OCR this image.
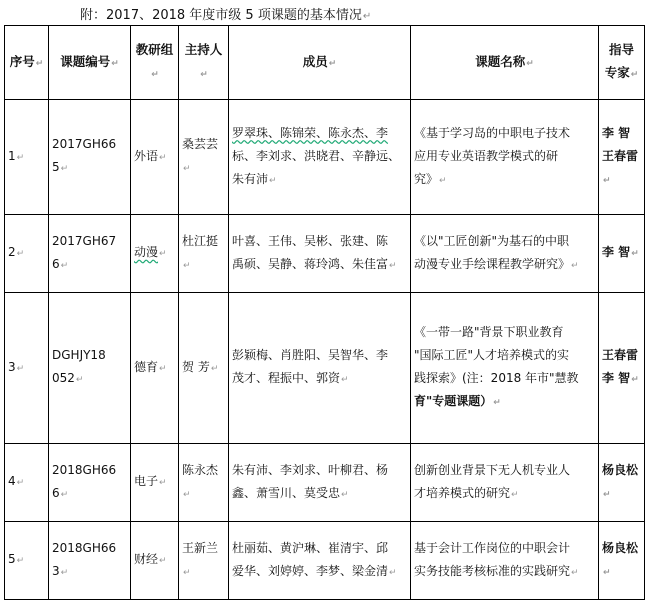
附：2017、2018 年度市级 5 项课题的基本情况↵
序号↵	课题编号↵	教研组↵	主持人↵	成员↵	课题名称↵	指导
专家↵

1↵	2017GH66
5↵	外语↵	桑芸芸↵	罗翠珠、陈锦荣、陈永杰、李
标、李刘求、洪晓君、辛静远、
朱有沛↵	《基于学习岛的中职电子技术
应用专业英语教学模式的研
究》↵	李 智
王春雷↵

2↵	2017GH67
6↵	动漫↵	杜江挺↵	叶喜、王伟、吴彬、张建、陈
禹硕、吴静、蒋玲鸿、朱佳富↵	《以"工匠创新"为基石的中职
动漫专业手绘课程教学研究》↵	李 智↵
3↵	DGHJY18
052↵	德育↵	贺 芳↵	彭颖梅、肖胜阳、吴智华、李
茂才、程振中、郭资↵	《一带一路"背景下职业教育
"国际工匠"人才培养模式的实
践探索》(注：2018 年市"慧教
育"专题课题）↵	王春雷
李 智↵

4↵	2018GH66
6↵	电子↵	陈永杰↵	朱有沛、李刘求、叶柳君、杨
鑫、萧雪川、莫受忠↵	创新创业背景下无人机专业人
才培养模式的研究↵	杨良松↵
5↵	2018GH66
3↵	财经↵	王新兰↵	杜丽茹、黄沪琳、崔清宇、邱
爱华、刘婷婷、李梦、梁金清↵	基于会计工作岗位的中职会计
实务技能考核标准的实践研究↵	杨良松↵
